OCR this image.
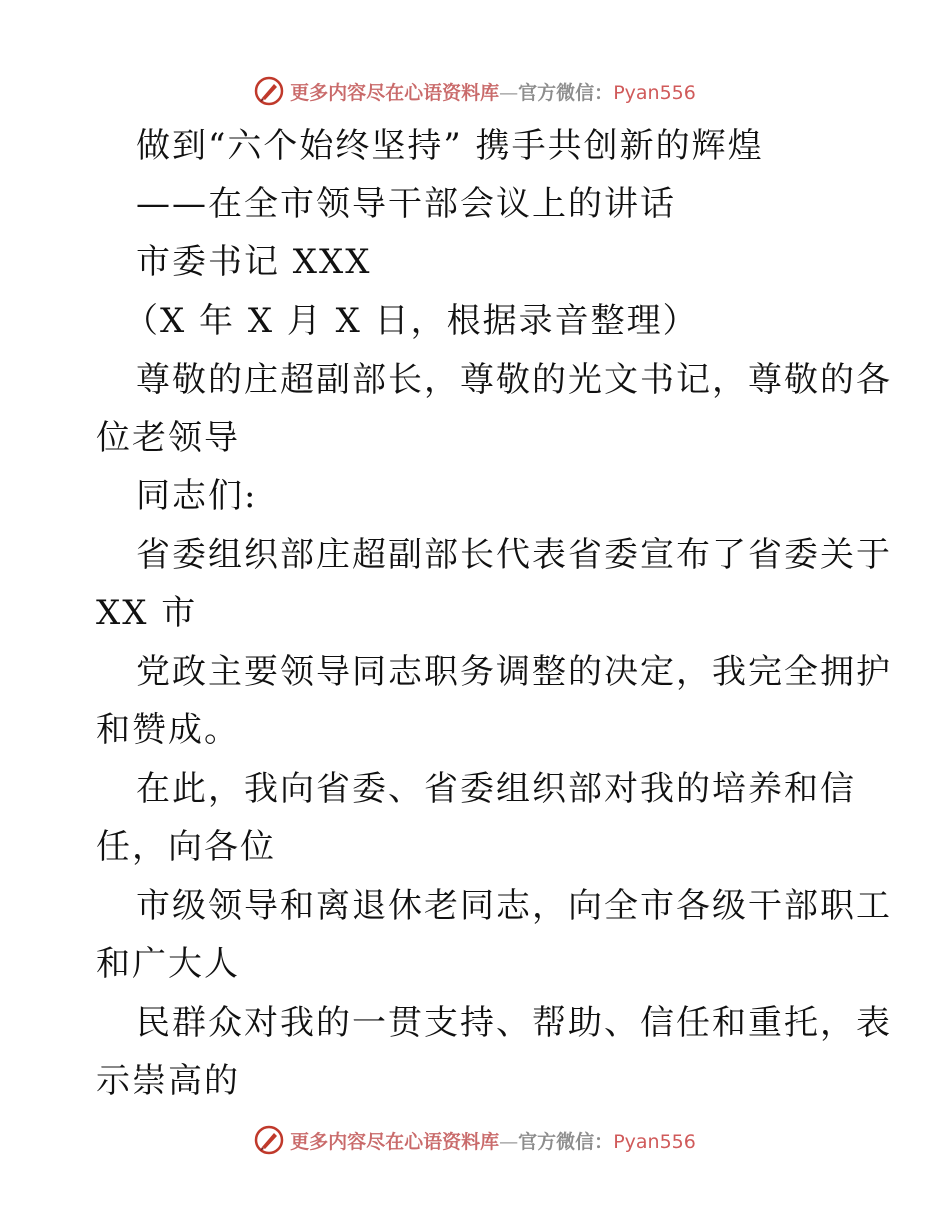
更多内容尽在心语资料库—官方微信：Pyan556
做到“六个始终坚持” 携手共创新的辉煌
——在全市领导干部会议上的讲话
市委书记 XXX
（X 年 X 月 X 日，根据录音整理）
尊敬的庄超副部长，尊敬的光文书记，尊敬的各
位老领导
同志们:
省委组织部庄超副部长代表省委宣布了省委关于
XX 市
党政主要领导同志职务调整的决定，我完全拥护
和赞成。
在此，我向省委、省委组织部对我的培养和信
任，向各位
市级领导和离退休老同志，向全市各级干部职工
和广大人
民群众对我的一贯支持、帮助、信任和重托，表
示崇高的
更多内容尽在心语资料库—官方微信：Pyan556
